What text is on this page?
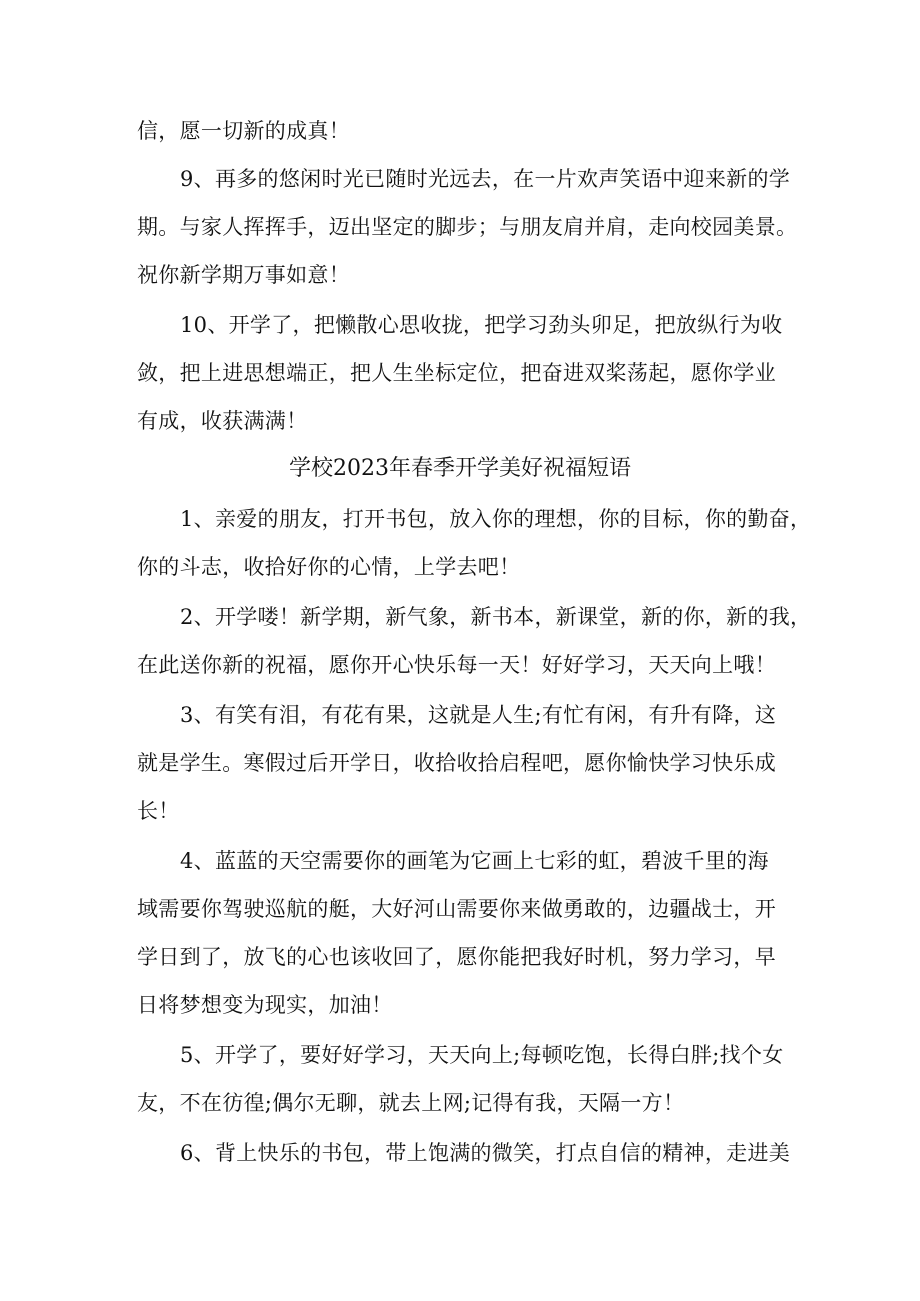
信，愿一切新的成真！
9、再多的悠闲时光已随时光远去，在一片欢声笑语中迎来新的学
期。与家人挥挥手，迈出坚定的脚步；与朋友肩并肩，走向校园美景。
祝你新学期万事如意！
10、开学了，把懒散心思收拢，把学习劲头卯足，把放纵行为收
敛，把上进思想端正，把人生坐标定位，把奋进双桨荡起，愿你学业
有成，收获满满！
学校2023年春季开学美好祝福短语
1、亲爱的朋友，打开书包，放入你的理想，你的目标，你的勤奋，
你的斗志，收拾好你的心情，上学去吧！
2、开学喽！新学期，新气象，新书本，新课堂，新的你，新的我，
在此送你新的祝福，愿你开心快乐每一天！好好学习，天天向上哦！
3、有笑有泪，有花有果，这就是人生;有忙有闲，有升有降，这
就是学生。寒假过后开学日，收拾收拾启程吧，愿你愉快学习快乐成
长！
4、蓝蓝的天空需要你的画笔为它画上七彩的虹，碧波千里的海
域需要你驾驶巡航的艇，大好河山需要你来做勇敢的，边疆战士，开
学日到了，放飞的心也该收回了，愿你能把我好时机，努力学习，早
日将梦想变为现实，加油！
5、开学了，要好好学习，天天向上;每顿吃饱，长得白胖;找个女
友，不在彷徨;偶尔无聊，就去上网;记得有我，天隔一方！
6、背上快乐的书包，带上饱满的微笑，打点自信的精神，走进美
